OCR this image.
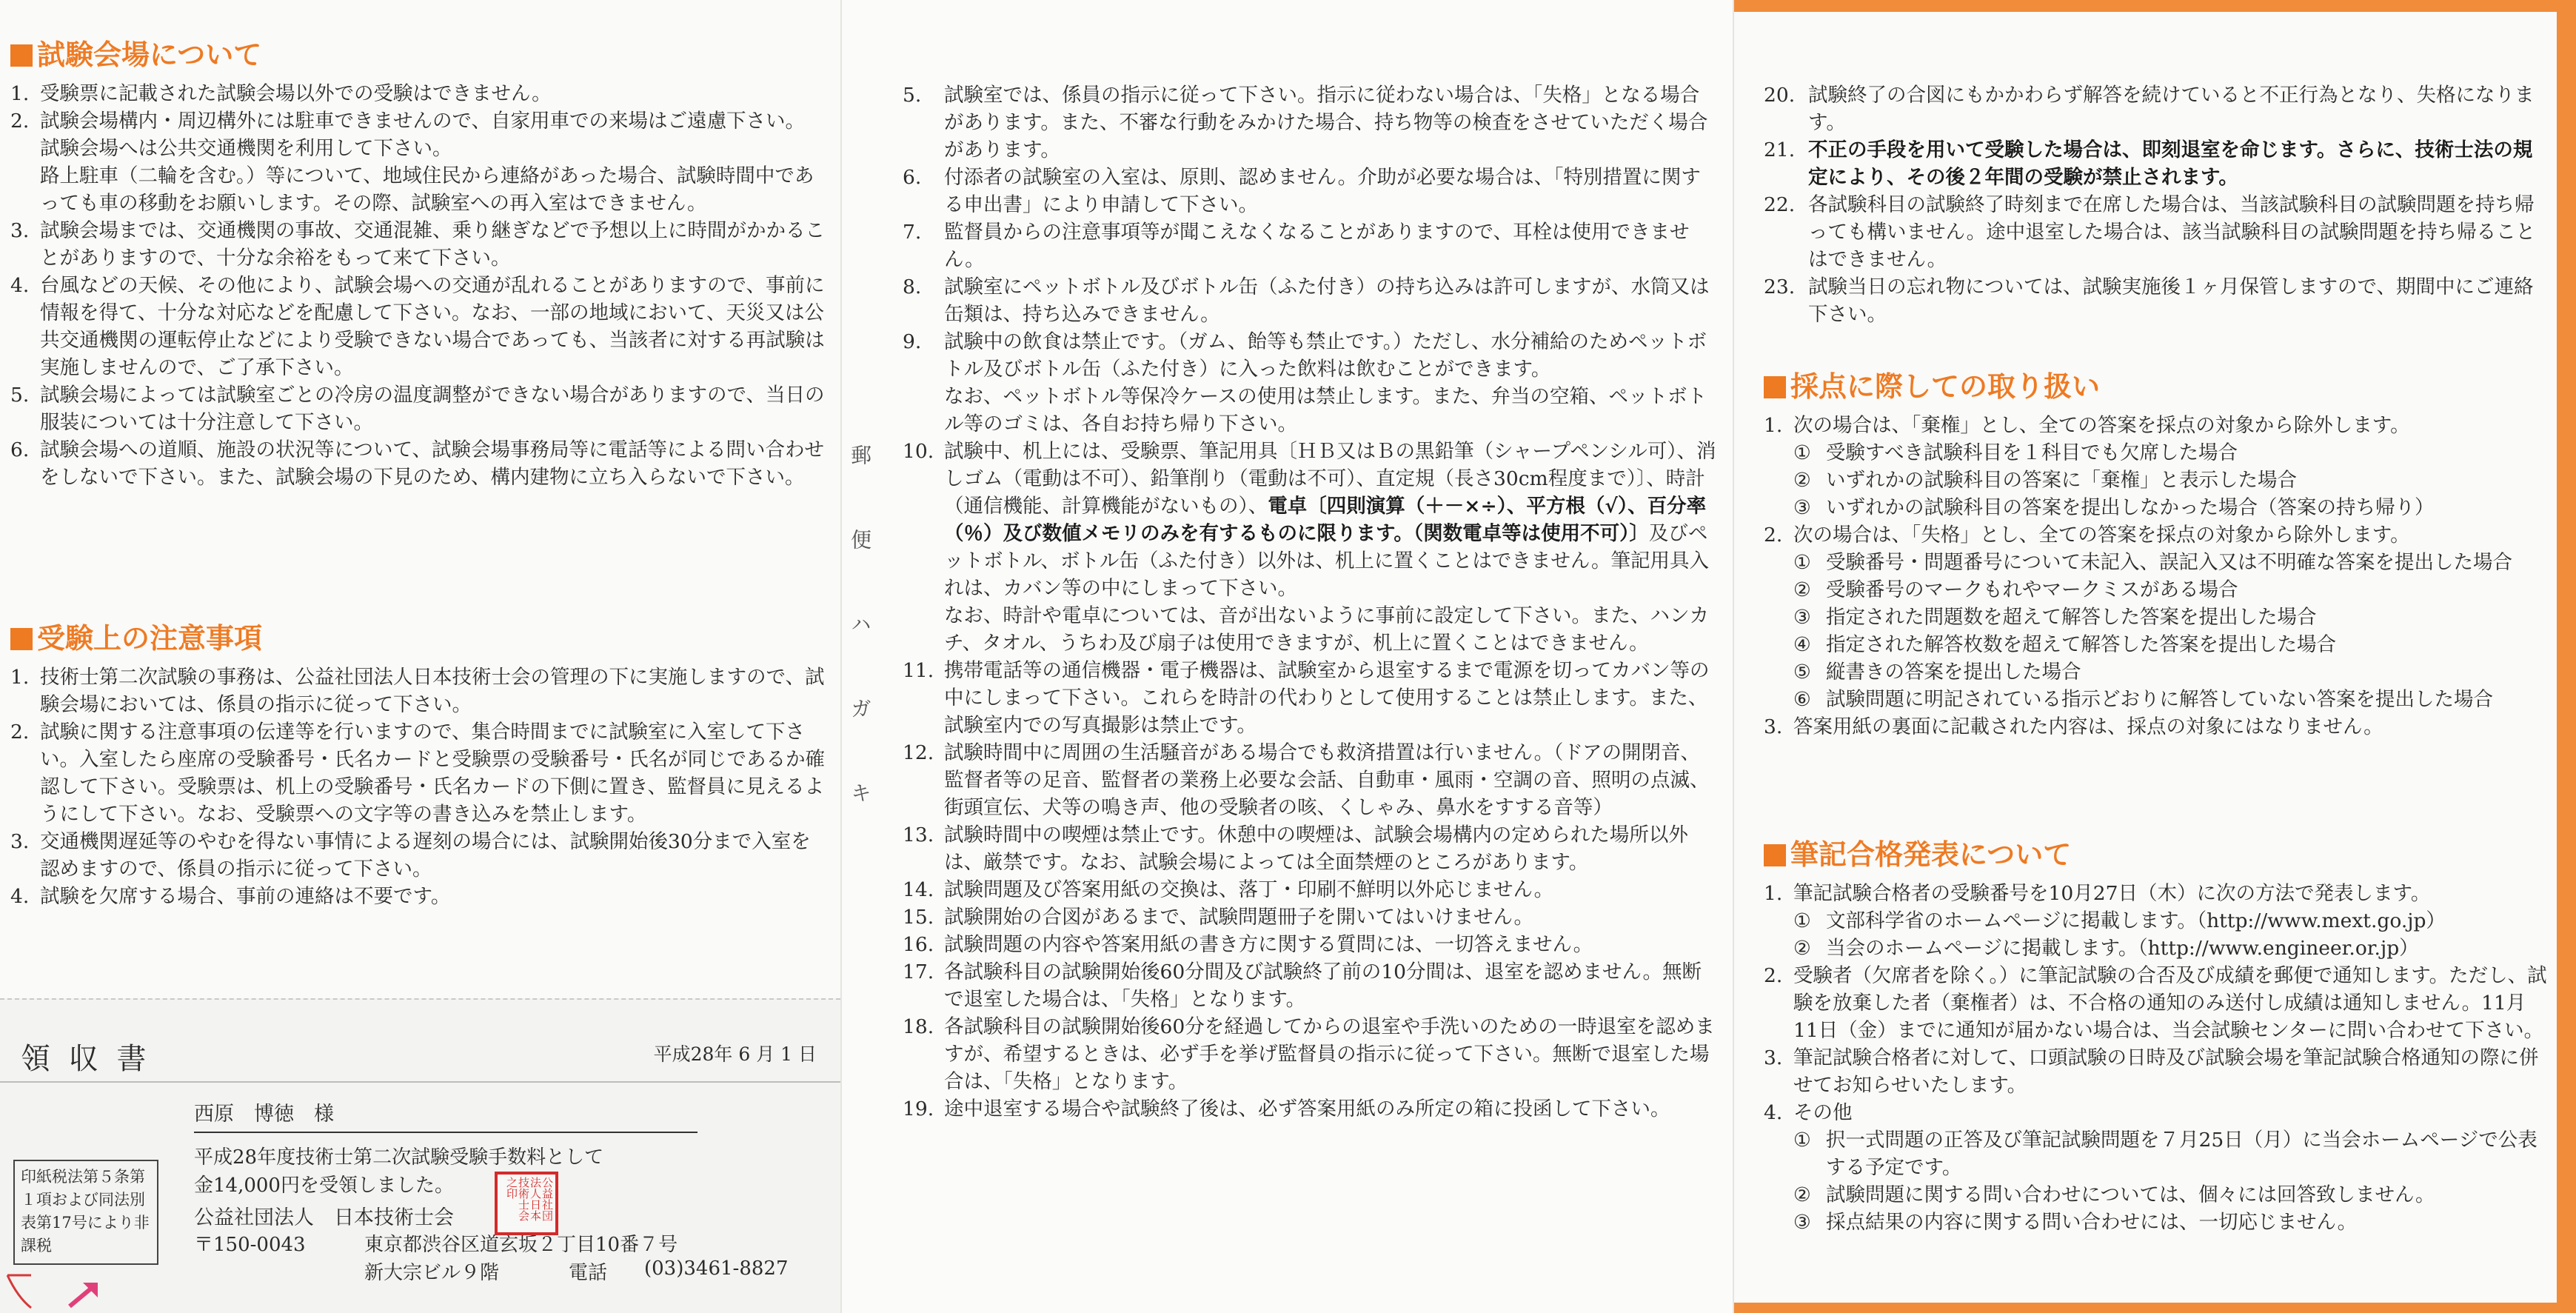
試験会場について
1. 受験票に記載された試験会場以外での受験はできません。
2. 試験会場構内・周辺構外には駐車できませんので、自家用車での来場はご遠慮下さい。
試験会場へは公共交通機関を利用して下さい。
路上駐車（二輪を含む。）等について、地域住民から連絡があった場合、試験時間中であっても車の移動をお願いします。その際、試験室への再入室はできません。
3. 試験会場までは、交通機関の事故、交通混雑、乗り継ぎなどで予想以上に時間がかかることがありますので、十分な余裕をもって来て下さい。
4. 台風などの天候、その他により、試験会場への交通が乱れることがありますので、事前に情報を得て、十分な対応などを配慮して下さい。なお、一部の地域において、天災又は公共交通機関の運転停止などにより受験できない場合であっても、当該者に対する再試験は実施しませんので、ご了承下さい。
5. 試験会場によっては試験室ごとの冷房の温度調整ができない場合がありますので、当日の服装については十分注意して下さい。
6. 試験会場への道順、施設の状況等について、試験会場事務局等に電話等による問い合わせをしないで下さい。また、試験会場の下見のため、構内建物に立ち入らないで下さい。
受験上の注意事項
1. 技術士第二次試験の事務は、公益社団法人日本技術士会の管理の下に実施しますので、試験会場においては、係員の指示に従って下さい。
2. 試験に関する注意事項の伝達等を行いますので、集合時間までに試験室に入室して下さい。入室したら座席の受験番号・氏名カードと受験票の受験番号・氏名が同じであるか確認して下さい。受験票は、机上の受験番号・氏名カードの下側に置き、監督員に見えるようにして下さい。なお、受験票への文字等の書き込みを禁止します。
3. 交通機関遅延等のやむを得ない事情による遅刻の場合には、試験開始後30分まで入室を認めますので、係員の指示に従って下さい。
4. 試験を欠席する場合、事前の連絡は不要です。
領 収 書	平成28年 6 月 1 日
西原　博徳　様
平成28年度技術士第二次試験受験手数料として
金14,000円を受領しました。
公益社団法人　日本技術士会
〒150-0043	東京都渋谷区道玄坂２丁目10番７号
新大宗ビル９階	電話 (03)3461-8827
印紙税法第５条第１項および同法別表第17号により非課税
公益社団法人日本技術士会之印
郵便ハガキ
5.	試験室では、係員の指示に従って下さい。指示に従わない場合は、「失格」となる場合があります。また、不審な行動をみかけた場合、持ち物等の検査をさせていただく場合があります。
6.	付添者の試験室の入室は、原則、認めません。介助が必要な場合は、「特別措置に関する申出書」により申請して下さい。
7.	監督員からの注意事項等が聞こえなくなることがありますので、耳栓は使用できません。
8.	試験室にペットボトル及びボトル缶（ふた付き）の持ち込みは許可しますが、水筒又は缶類は、持ち込みできません。
9.	試験中の飲食は禁止です。（ガム、飴等も禁止です。）ただし、水分補給のためペットボトル及びボトル缶（ふた付き）に入った飲料は飲むことができます。
なお、ペットボトル等保冷ケースの使用は禁止します。また、弁当の空箱、ペットボトル等のゴミは、各自お持ち帰り下さい。
10. 試験中、机上には、受験票、筆記用具〔ＨＢ又はＢの黒鉛筆（シャープペンシル可）、消しゴム（電動は不可）、鉛筆削り（電動は不可）、直定規（長さ30cm程度まで）〕、時計（通信機能、計算機能がないもの）、電卓〔四則演算（＋－×÷）、平方根（√）、百分率（％）及び数値メモリのみを有するものに限ります。（関数電卓等は使用不可）〕及びペットボトル、ボトル缶（ふた付き）以外は、机上に置くことはできません。筆記用具入れは、カバン等の中にしまって下さい。
なお、時計や電卓については、音が出ないように事前に設定して下さい。また、ハンカチ、タオル、うちわ及び扇子は使用できますが、机上に置くことはできません。
11. 携帯電話等の通信機器・電子機器は、試験室から退室するまで電源を切ってカバン等の中にしまって下さい。これらを時計の代わりとして使用することは禁止します。また、試験室内での写真撮影は禁止です。
12. 試験時間中に周囲の生活騒音がある場合でも救済措置は行いません。（ドアの開閉音、監督者等の足音、監督者の業務上必要な会話、自動車・風雨・空調の音、照明の点滅、街頭宣伝、犬等の鳴き声、他の受験者の咳、くしゃみ、鼻水をすする音等）
13. 試験時間中の喫煙は禁止です。休憩中の喫煙は、試験会場構内の定められた場所以外は、厳禁です。なお、試験会場によっては全面禁煙のところがあります。
14. 試験問題及び答案用紙の交換は、落丁・印刷不鮮明以外応じません。
15. 試験開始の合図があるまで、試験問題冊子を開いてはいけません。
16. 試験問題の内容や答案用紙の書き方に関する質問には、一切答えません。
17. 各試験科目の試験開始後60分間及び試験終了前の10分間は、退室を認めません。無断で退室した場合は、「失格」となります。
18. 各試験科目の試験開始後60分を経過してからの退室や手洗いのための一時退室を認めますが、希望するときは、必ず手を挙げ監督員の指示に従って下さい。無断で退室した場合は、「失格」となります。
19. 途中退室する場合や試験終了後は、必ず答案用紙のみ所定の箱に投函して下さい。
20. 試験終了の合図にもかかわらず解答を続けていると不正行為となり、失格になります。
21. 不正の手段を用いて受験した場合は、即刻退室を命じます。さらに、技術士法の規定により、その後２年間の受験が禁止されます。
22. 各試験科目の試験終了時刻まで在席した場合は、当該試験科目の試験問題を持ち帰っても構いません。途中退室した場合は、該当試験科目の試験問題を持ち帰ることはできません。
23. 試験当日の忘れ物については、試験実施後１ヶ月保管しますので、期間中にご連絡下さい。
採点に際しての取り扱い
1. 次の場合は、「棄権」とし、全ての答案を採点の対象から除外します。
① 受験すべき試験科目を１科目でも欠席した場合
② いずれかの試験科目の答案に「棄権」と表示した場合
③ いずれかの試験科目の答案を提出しなかった場合（答案の持ち帰り）
2. 次の場合は、「失格」とし、全ての答案を採点の対象から除外します。
① 受験番号・問題番号について未記入、誤記入又は不明確な答案を提出した場合
② 受験番号のマークもれやマークミスがある場合
③ 指定された問題数を超えて解答した答案を提出した場合
④ 指定された解答枚数を超えて解答した答案を提出した場合
⑤ 縦書きの答案を提出した場合
⑥ 試験問題に明記されている指示どおりに解答していない答案を提出した場合
3. 答案用紙の裏面に記載された内容は、採点の対象にはなりません。
筆記合格発表について
1. 筆記試験合格者の受験番号を10月27日（木）に次の方法で発表します。
① 文部科学省のホームページに掲載します。（http://www.mext.go.jp）
② 当会のホームページに掲載します。（http://www.engineer.or.jp）
2. 受験者（欠席者を除く。）に筆記試験の合否及び成績を郵便で通知します。ただし、試験を放棄した者（棄権者）は、不合格の通知のみ送付し成績は通知しません。11月11日（金）までに通知が届かない場合は、当会試験センターに問い合わせて下さい。
3. 筆記試験合格者に対して、口頭試験の日時及び試験会場を筆記試験合格通知の際に併せてお知らせいたします。
4. その他
① 択一式問題の正答及び筆記試験問題を７月25日（月）に当会ホームページで公表する予定です。
② 試験問題に関する問い合わせについては、個々には回答致しません。
③ 採点結果の内容に関する問い合わせには、一切応じません。
